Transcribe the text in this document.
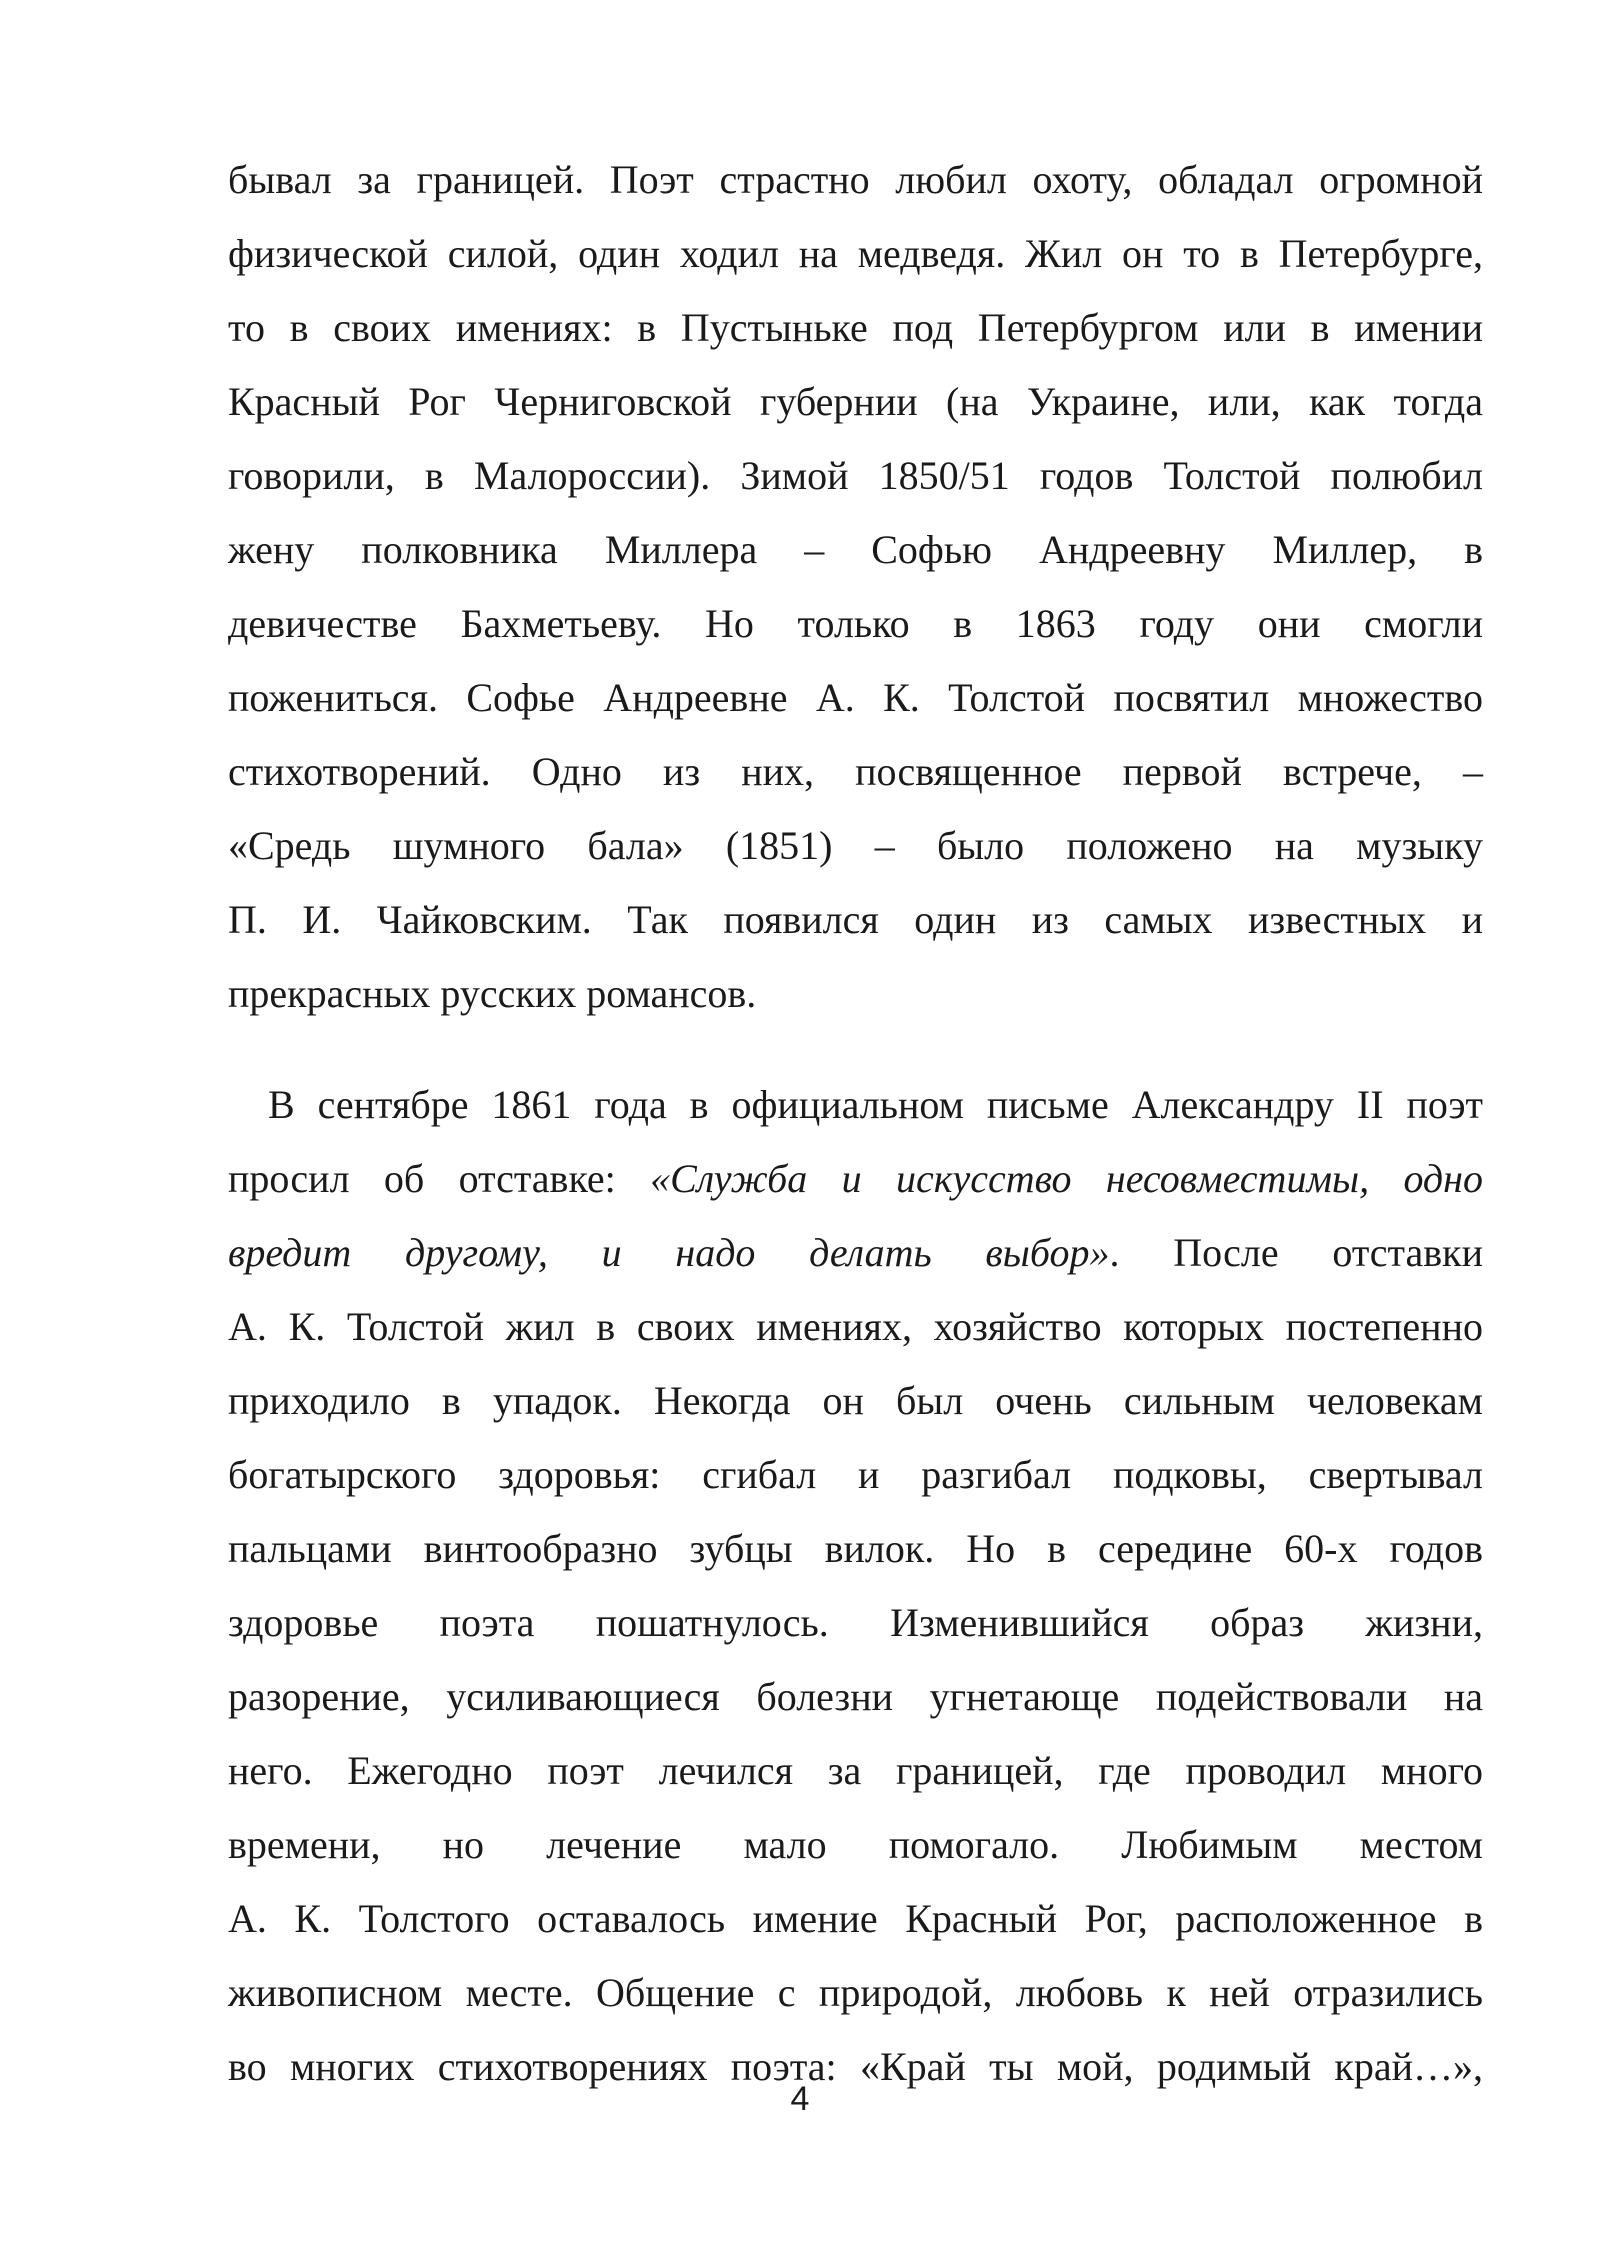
бывал за границей. Поэт страстно любил охоту, обладал огромной
физической силой, один ходил на медведя. Жил он то в Петербурге,
то в своих имениях: в Пустыньке под Петербургом или в имении
Красный Рог Черниговской губернии (на Украине, или, как тогда
говорили, в Малороссии). Зимой 1850/51 годов Толстой полюбил
жену полковника Миллера – Софью Андреевну Миллер, в
девичестве Бахметьеву. Но только в 1863 году они смогли
пожениться. Софье Андреевне А. К. Толстой посвятил множество
стихотворений. Одно из них, посвященное первой встрече, –
«Средь шумного бала» (1851) – было положено на музыку
П. И. Чайковским. Так появился один из самых известных и
прекрасных русских романсов.
В сентябре 1861 года в официальном письме Александру II поэт
просил об отставке: «Служба и искусство несовместимы, одно
вредит другому, и надо делать выбор». После отставки
А. К. Толстой жил в своих имениях, хозяйство которых постепенно
приходило в упадок. Некогда он был очень сильным человекам
богатырского здоровья: сгибал и разгибал подковы, свертывал
пальцами винтообразно зубцы вилок. Но в середине 60-х годов
здоровье поэта пошатнулось. Изменившийся образ жизни,
разорение, усиливающиеся болезни угнетающе подействовали на
него. Ежегодно поэт лечился за границей, где проводил много
времени, но лечение мало помогало. Любимым местом
А. К. Толстого оставалось имение Красный Рог, расположенное в
живописном месте. Общение с природой, любовь к ней отразились
во многих стихотворениях поэта: «Край ты мой, родимый край…»,
4
